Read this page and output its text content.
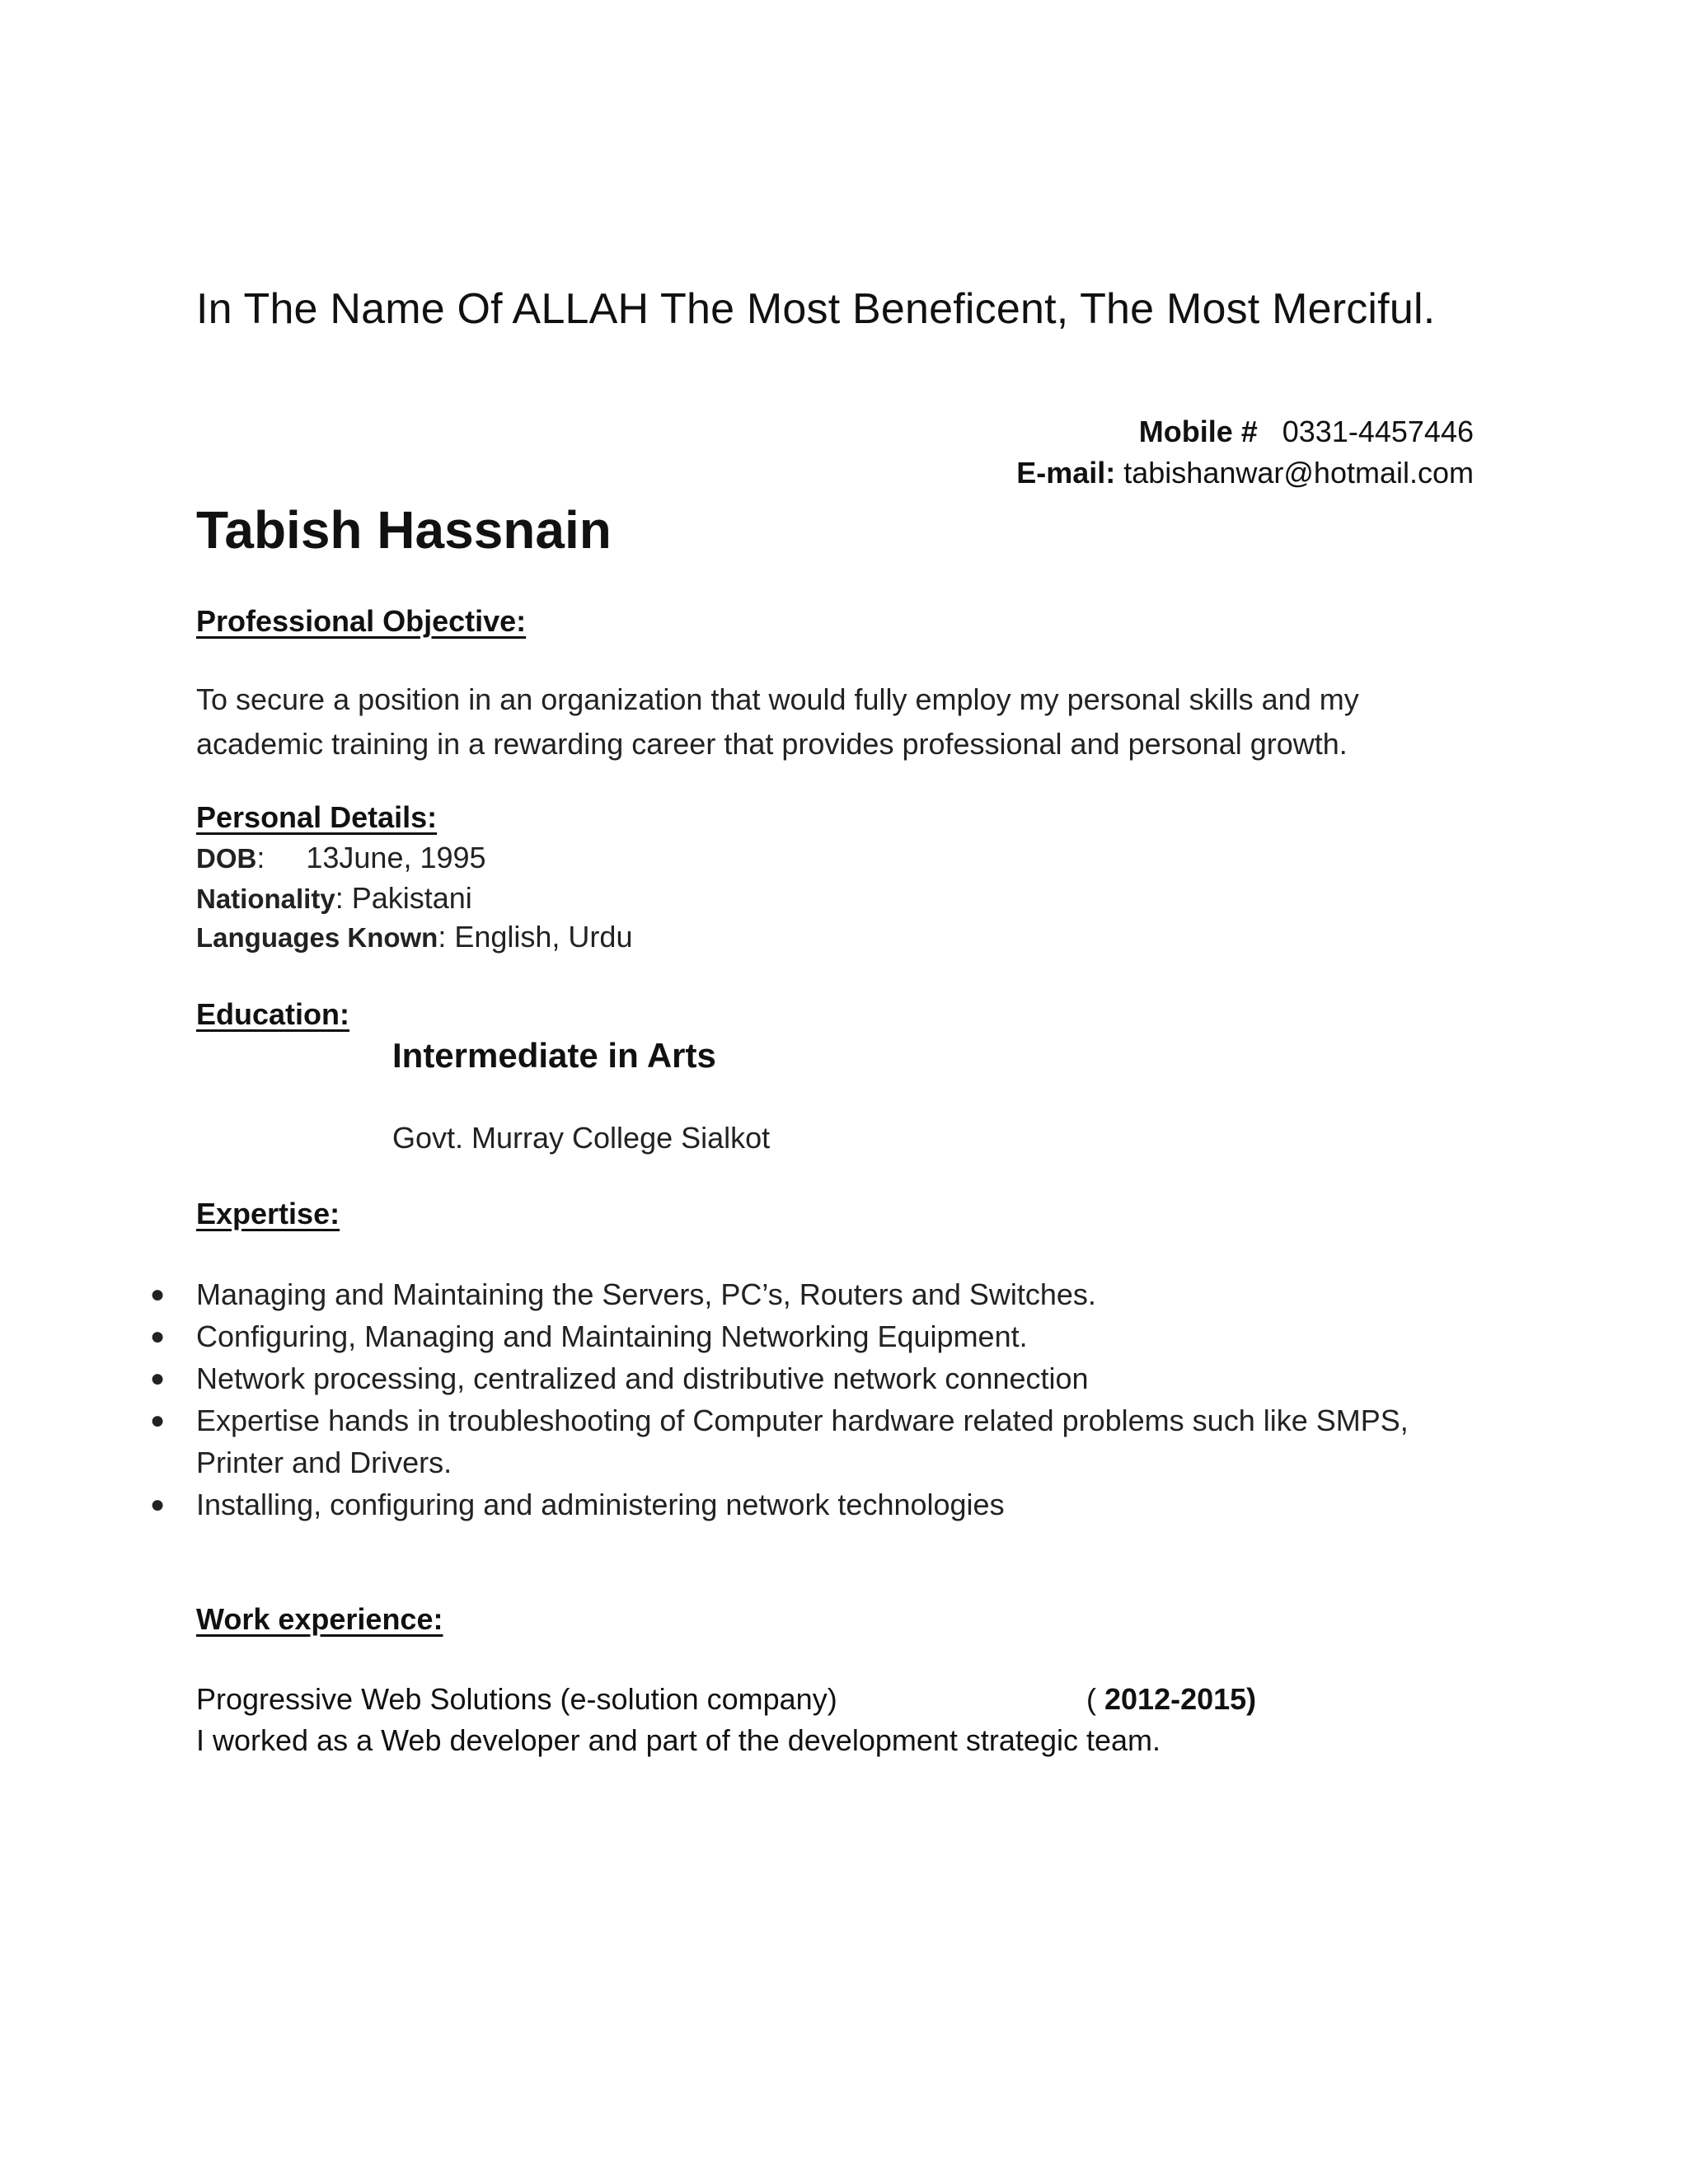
In The Name Of ALLAH The Most Beneficent, The Most Merciful.
Mobile # 0331-4457446
E-mail: tabishanwar@hotmail.com
Tabish Hassnain
Professional Objective:
To secure a position in an organization that would fully employ my personal skills and my
academic training in a rewarding career that provides professional and personal growth.
Personal Details:
DOB:     13June, 1995
Nationality: Pakistani
Languages Known: English, Urdu
Education:
Intermediate in Arts
Govt. Murray College Sialkot
Expertise:
● Managing and Maintaining the Servers, PC’s, Routers and Switches.
● Configuring, Managing and Maintaining Networking Equipment.
● Network processing, centralized and distributive network connection
● Expertise hands in troubleshooting of Computer hardware related problems such like SMPS,
Printer and Drivers.
● Installing, configuring and administering network technologies
Work experience:
Progressive Web Solutions (e-solution company)	( 2012-2015)
I worked as a Web developer and part of the development strategic team.
